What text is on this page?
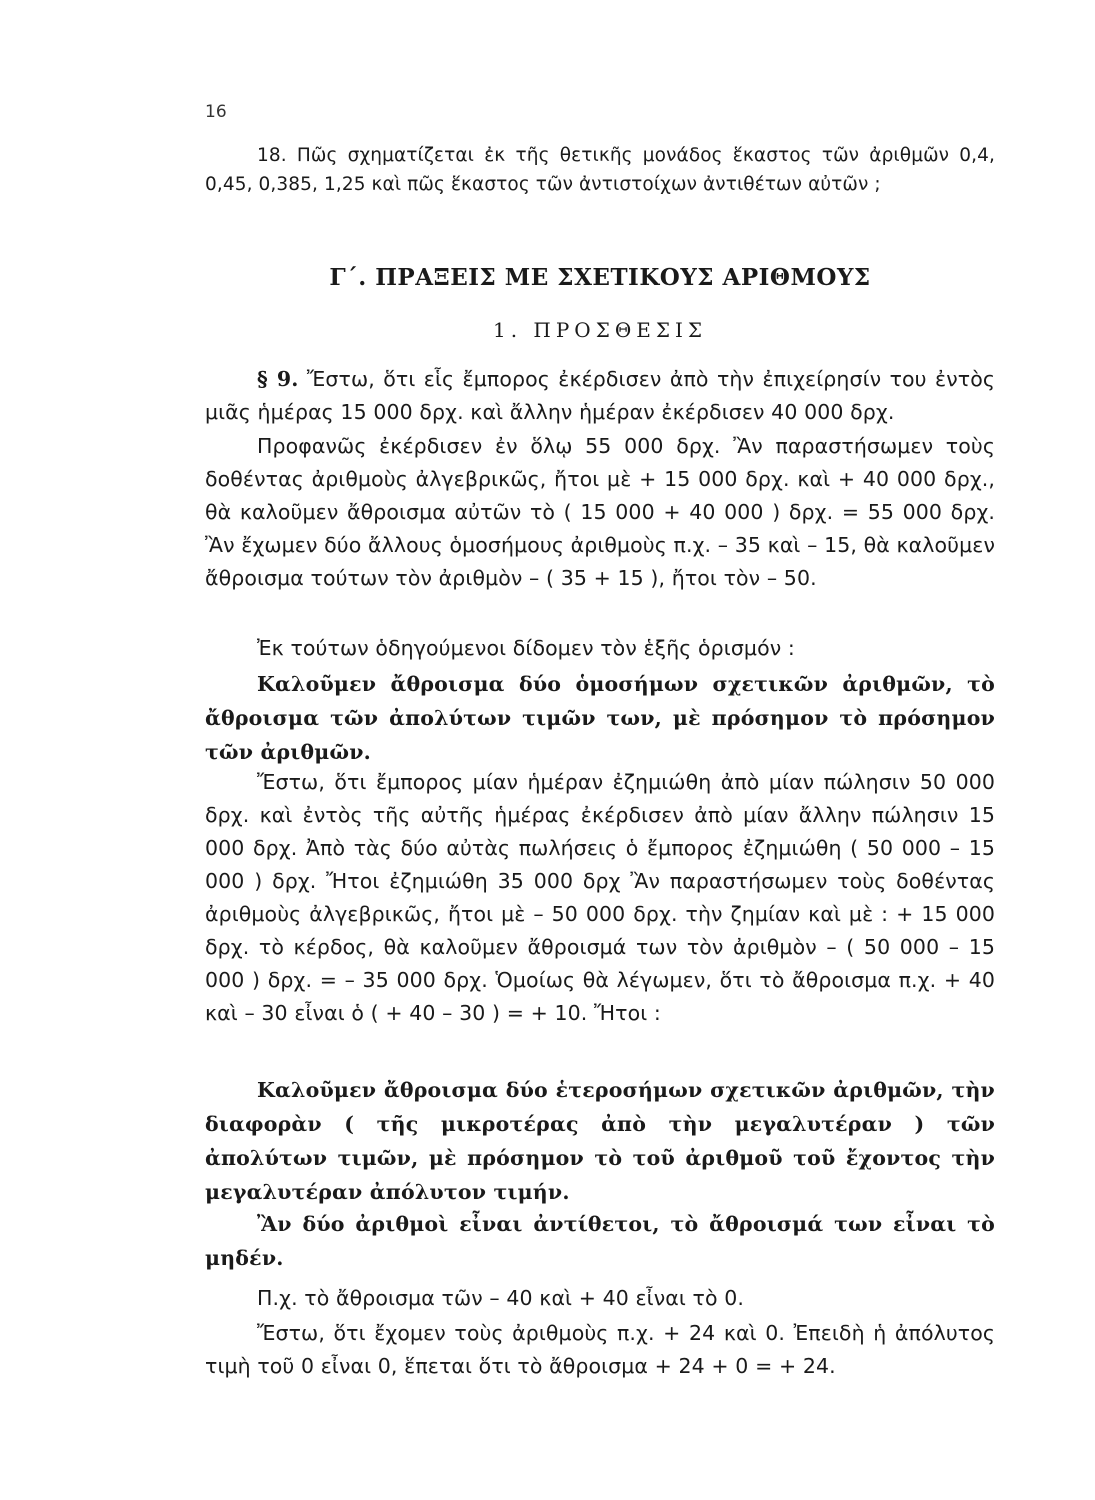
16
18. Πῶς σχηματίζεται ἐκ τῆς θετικῆς μονάδος ἕκαστος τῶν ἀριθμῶν 0,4, 0,45, 0,385, 1,25 καὶ πῶς ἕκαστος τῶν ἀντιστοίχων ἀντιθέτων αὐτῶν ;
Γ΄. ΠΡΑΞΕΙΣ ΜΕ ΣΧΕΤΙΚΟΥΣ ΑΡΙΘΜΟΥΣ
1. ΠΡΟΣΘΕΣΙΣ
§ 9. Ἔστω, ὅτι εἷς ἔμπορος ἐκέρδισεν ἀπὸ τὴν ἐπιχείρησίν του ἐντὸς μιᾶς ἡμέρας 15 000 δρχ. καὶ ἄλλην ἡμέραν ἐκέρδισεν 40 000 δρχ.
Προφανῶς ἐκέρδισεν ἐν ὅλῳ 55 000 δρχ. Ἂν παραστήσωμεν τοὺς δοθέντας ἀριθμοὺς ἀλγεβρικῶς, ἤτοι μὲ + 15 000 δρχ. καὶ + 40 000 δρχ., θὰ καλοῦμεν ἄθροισμα αὐτῶν τὸ ( 15 000 + 40 000 ) δρχ. = 55 000 δρχ. Ἂν ἔχωμεν δύο ἄλλους ὁμοσήμους ἀριθμοὺς π.χ. – 35 καὶ – 15, θὰ καλοῦμεν ἄθροισμα τούτων τὸν ἀριθμὸν – ( 35 + 15 ), ἤτοι τὸν – 50.
Ἐκ τούτων ὁδηγούμενοι δίδομεν τὸν ἑξῆς ὁρισμόν :
Καλοῦμεν ἄθροισμα δύο ὁμοσήμων σχετικῶν ἀριθμῶν, τὸ ἄθροισμα τῶν ἀπολύτων τιμῶν των, μὲ πρόσημον τὸ πρόσημον τῶν ἀριθμῶν.
Ἔστω, ὅτι ἔμπορος μίαν ἡμέραν ἐζημιώθη ἀπὸ μίαν πώλησιν 50 000 δρχ. καὶ ἐντὸς τῆς αὐτῆς ἡμέρας ἐκέρδισεν ἀπὸ μίαν ἄλλην πώλησιν 15 000 δρχ. Ἀπὸ τὰς δύο αὐτὰς πωλήσεις ὁ ἔμπορος ἐζημιώθη ( 50 000 – 15 000 ) δρχ. Ἤτοι ἐζημιώθη 35 000 δρχ Ἂν παραστήσωμεν τοὺς δοθέντας ἀριθμοὺς ἀλγεβρικῶς, ἤτοι μὲ – 50 000 δρχ. τὴν ζημίαν καὶ μὲ : + 15 000 δρχ. τὸ κέρδος, θὰ καλοῦμεν ἄθροισμά των τὸν ἀριθμὸν – ( 50 000 – 15 000 ) δρχ. = – 35 000 δρχ. Ὁμοίως θὰ λέγωμεν, ὅτι τὸ ἄθροισμα π.χ. + 40 καὶ – 30 εἶναι ὁ ( + 40 – 30 ) = + 10. Ἤτοι :
Καλοῦμεν ἄθροισμα δύο ἑτεροσήμων σχετικῶν ἀριθμῶν, τὴν διαφορὰν ( τῆς μικροτέρας ἀπὸ τὴν μεγαλυτέραν ) τῶν ἀπολύτων τιμῶν, μὲ πρόσημον τὸ τοῦ ἀριθμοῦ τοῦ ἔχοντος τὴν μεγαλυτέραν ἀπόλυτον τιμήν.
Ἂν δύο ἀριθμοὶ εἶναι ἀντίθετοι, τὸ ἄθροισμά των εἶναι τὸ μηδέν.
Π.χ. τὸ ἄθροισμα τῶν – 40 καὶ + 40 εἶναι τὸ 0.
Ἔστω, ὅτι ἔχομεν τοὺς ἀριθμοὺς π.χ. + 24 καὶ 0. Ἐπειδὴ ἡ ἀπόλυτος τιμὴ τοῦ 0 εἶναι 0, ἕπεται ὅτι τὸ ἄθροισμα + 24 + 0 = + 24.
